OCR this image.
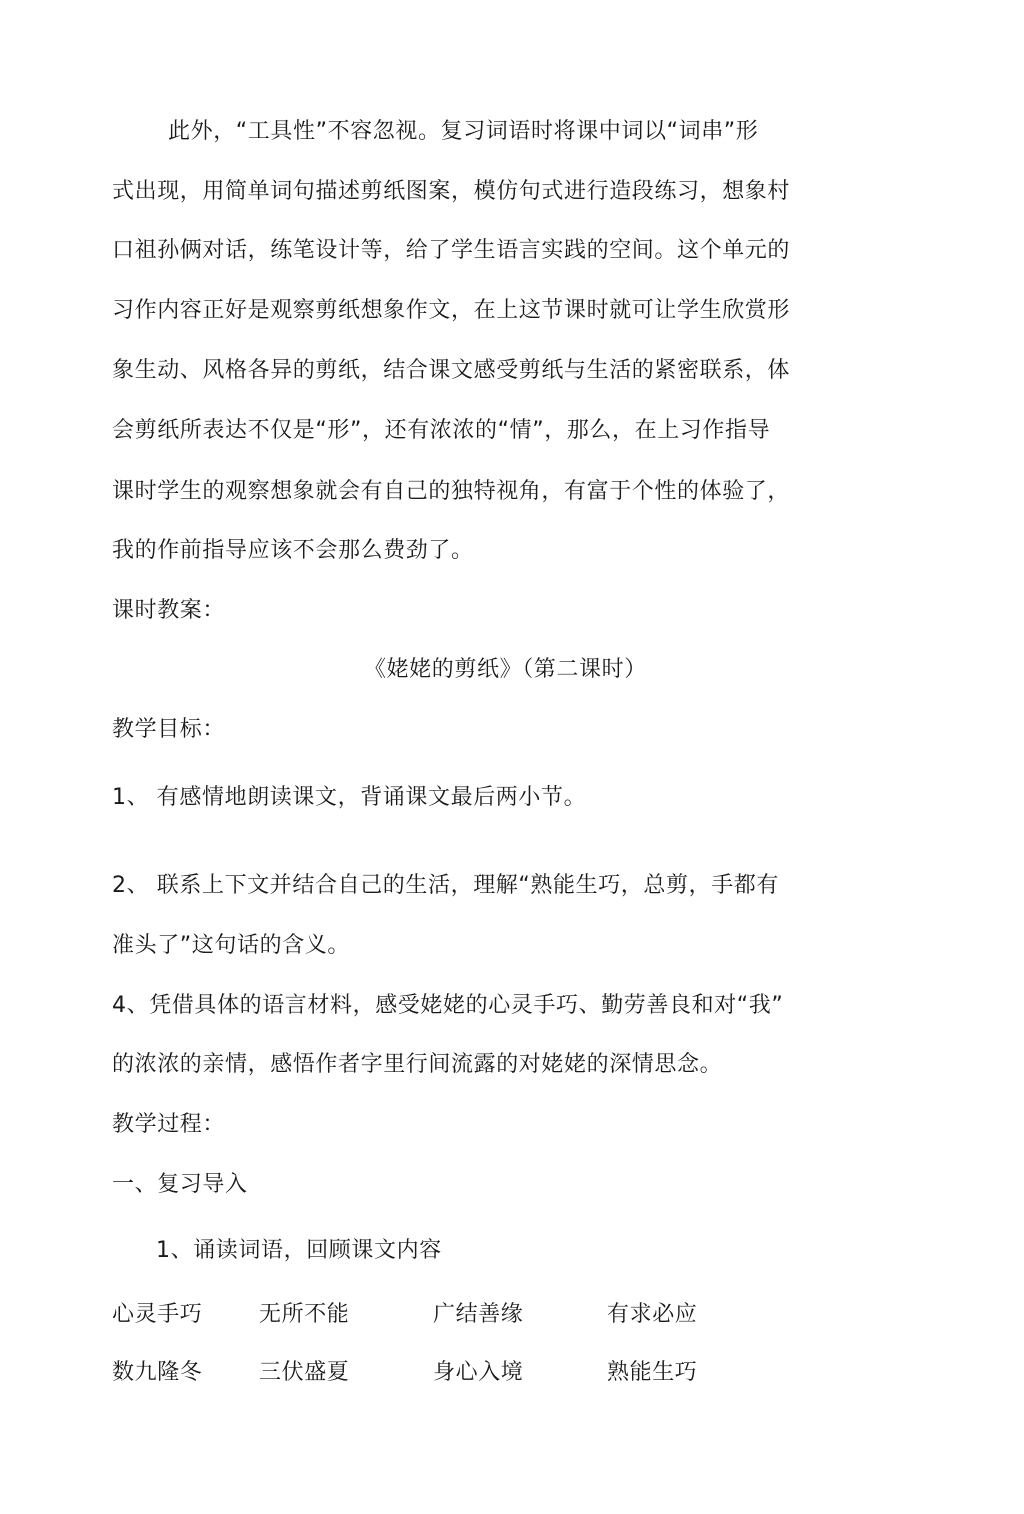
此外，“工具性”不容忽视。复习词语时将课中词以“词串”形
式出现，用简单词句描述剪纸图案，模仿句式进行造段练习，想象村
口祖孙俩对话，练笔设计等，给了学生语言实践的空间。这个单元的
习作内容正好是观察剪纸想象作文，在上这节课时就可让学生欣赏形
象生动、风格各异的剪纸，结合课文感受剪纸与生活的紧密联系，体
会剪纸所表达不仅是“形”，还有浓浓的“情”，那么，在上习作指导
课时学生的观察想象就会有自己的独特视角，有富于个性的体验了，
我的作前指导应该不会那么费劲了。
课时教案：
《姥姥的剪纸》（第二课时）
教学目标：
1、 有感情地朗读课文，背诵课文最后两小节。
2、 联系上下文并结合自己的生活，理解“熟能生巧，总剪，手都有
准头了”这句话的含义。
4、凭借具体的语言材料，感受姥姥的心灵手巧、勤劳善良和对“我”
的浓浓的亲情，感悟作者字里行间流露的对姥姥的深情思念。
教学过程：
一、复习导入
1、诵读词语，回顾课文内容
心灵手巧	无所不能	广结善缘	有求必应
数九隆冬	三伏盛夏	身心入境	熟能生巧
